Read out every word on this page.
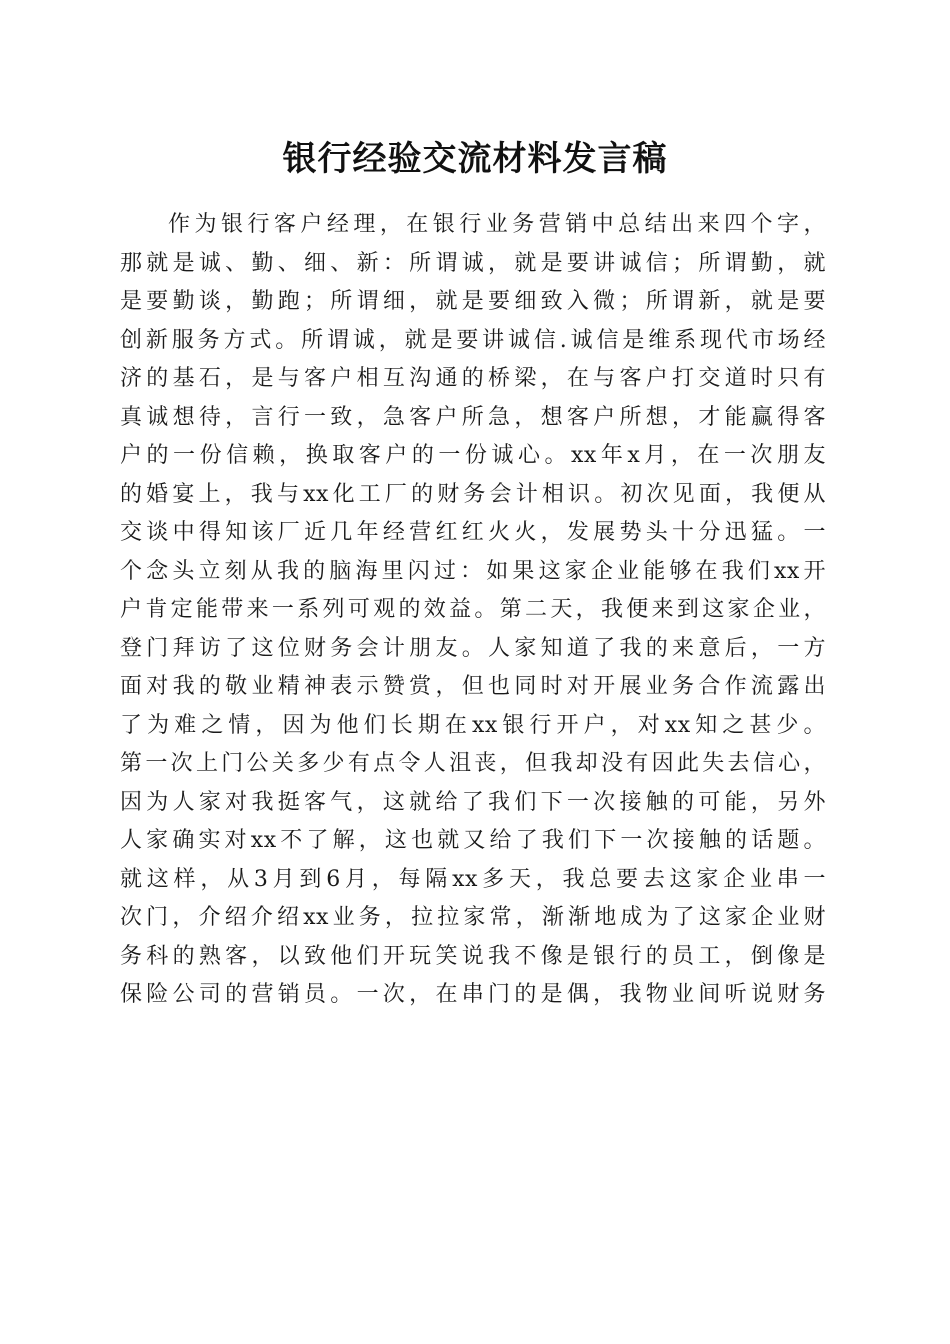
银行经验交流材料发言稿
作为银行客户经理，在银行业务营销中总结出来四个字，
那就是诚、勤、细、新：所谓诚，就是要讲诚信；所谓勤，就
是要勤谈，勤跑；所谓细，就是要细致入微；所谓新，就是要
创新服务方式。所谓诚，就是要讲诚信.诚信是维系现代市场经
济的基石，是与客户相互沟通的桥梁，在与客户打交道时只有
真诚想待，言行一致，急客户所急，想客户所想，才能赢得客
户的一份信赖，换取客户的一份诚心。xx年x月，在一次朋友
的婚宴上，我与xx化工厂的财务会计相识。初次见面，我便从
交谈中得知该厂近几年经营红红火火，发展势头十分迅猛。一
个念头立刻从我的脑海里闪过：如果这家企业能够在我们xx开
户肯定能带来一系列可观的效益。第二天，我便来到这家企业，
登门拜访了这位财务会计朋友。人家知道了我的来意后，一方
面对我的敬业精神表示赞赏，但也同时对开展业务合作流露出
了为难之情，因为他们长期在xx银行开户，对xx知之甚少。
第一次上门公关多少有点令人沮丧，但我却没有因此失去信心，
因为人家对我挺客气，这就给了我们下一次接触的可能，另外
人家确实对xx不了解，这也就又给了我们下一次接触的话题。
就这样，从3月到6月，每隔xx多天，我总要去这家企业串一
次门，介绍介绍xx业务，拉拉家常，渐渐地成为了这家企业财
务科的熟客，以致他们开玩笑说我不像是银行的员工，倒像是
保险公司的营销员。一次，在串门的是偶，我物业间听说财务
